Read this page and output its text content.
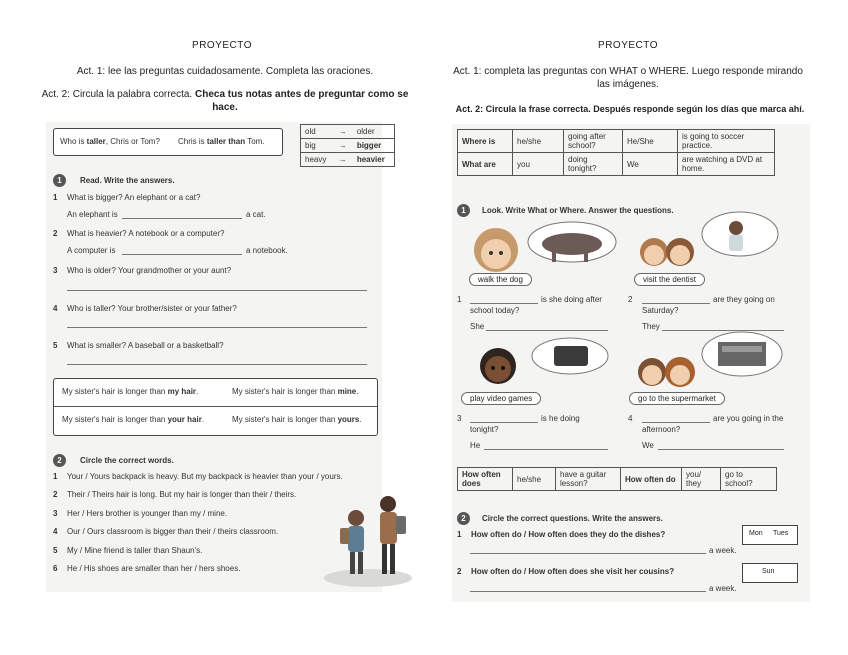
PROYECTO
Act. 1: lee las preguntas cuidadosamente. Completa las oraciones.
Act. 2: Circula la palabra correcta. Checa tus notas antes de preguntar como se hace.
Who is taller, Chris or Tom? Chris is taller than Tom.
old	→	older
big	→	bigger
heavy	→	heavier
1	Read. Write the answers.
1 What is bigger? An elephant or a cat?
An elephant is	a cat.
2 What is heavier? A notebook or a computer?
A computer is	a notebook.
3 Who is older? Your grandmother or your aunt?
4 Who is taller? Your brother/sister or your father?
5 What is smaller? A baseball or a basketball?
My sister's hair is longer than my hair.	My sister's hair is longer than mine.
My sister's hair is longer than your hair.	My sister's hair is longer than yours.
2	Circle the correct words.
1 Your / Yours backpack is heavy. But my backpack is heavier than your / yours.
2 Their / Theirs hair is long. But my hair is longer than their / theirs.
3 Her / Hers brother is younger than my / mine.
4 Our / Ours classroom is bigger than their / theirs classroom.
5 My / Mine friend is taller than Shaun's.
6 He / His shoes are smaller than her / hers shoes.
PROYECTO
Act. 1: completa las preguntas con WHAT o WHERE. Luego responde mirando las imágenes.
Act. 2: Circula la frase correcta. Después responde según los días que marca ahí.
Where is	he/she	going after school?	He/She	is going to soccer practice.
What are	you	doing tonight?	We	are watching a DVD at home.
1	Look. Write What or Where. Answer the questions.
walk the dog	visit the dentist
1	is she doing after
school today?
She
2	are they going on
Saturday?
They
play video games	go to the supermarket
3	is he doing
tonight?
He
4	are you going in the
afternoon?
We
How often does	he/she	have a guitar lesson?	How often do	you/ they	go to school?
2	Circle the correct questions. Write the answers.
1 How often do / How often does they do the dishes?
a week.
2 How often do / How often does she visit her cousins?
a week.
Mon Tues
Sun
